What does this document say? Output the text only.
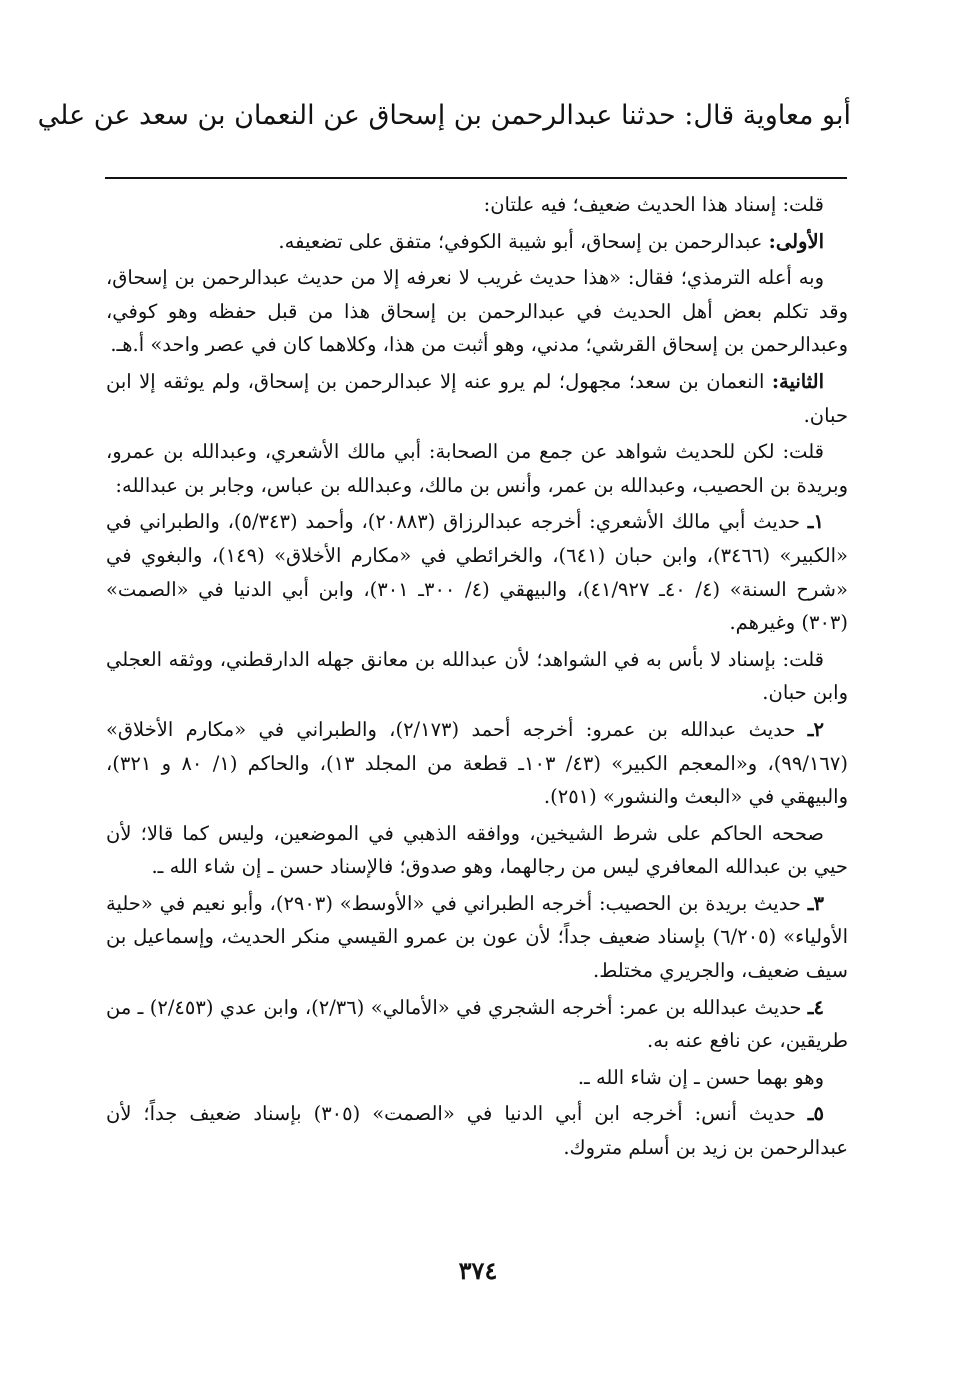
أبو معاوية قال: حدثنا عبدالرحمن بن إسحاق عن النعمان بن سعد عن علي

قلت: إسناد هذا الحديث ضعيف؛ فيه علتان:

الأولى: عبدالرحمن بن إسحاق، أبو شيبة الكوفي؛ متفق على تضعيفه.

وبه أعله الترمذي؛ فقال: «هذا حديث غريب لا نعرفه إلا من حديث عبدالرحمن بن إسحاق، وقد تكلم بعض أهل الحديث في عبدالرحمن بن إسحاق هذا من قبل حفظه وهو كوفي، وعبدالرحمن بن إسحاق القرشي؛ مدني، وهو أثبت من هذا، وكلاهما كان في عصر واحد» أ.هـ.

الثانية: النعمان بن سعد؛ مجهول؛ لم يرو عنه إلا عبدالرحمن بن إسحاق، ولم يوثقه إلا ابن حبان.

قلت: لكن للحديث شواهد عن جمع من الصحابة: أبي مالك الأشعري، وعبدالله بن عمرو، وبريدة بن الحصيب، وعبدالله بن عمر، وأنس بن مالك، وعبدالله بن عباس، وجابر بن عبدالله:

١ـ حديث أبي مالك الأشعري: أخرجه عبدالرزاق (٢٠٨٨٣)، وأحمد (٥/٣٤٣)، والطبراني في «الكبير» (٣٤٦٦)، وابن حبان (٦٤١)، والخرائطي في «مكارم الأخلاق» (١٤٩)، والبغوي في «شرح السنة» (٤/ ٤٠ـ ٤١/٩٢٧)، والبيهقي (٤/ ٣٠٠ـ ٣٠١)، وابن أبي الدنيا في «الصمت» (٣٠٣) وغيرهم.

قلت: بإسناد لا بأس به في الشواهد؛ لأن عبدالله بن معانق جهله الدارقطني، ووثقه العجلي وابن حبان.

٢ـ حديث عبدالله بن عمرو: أخرجه أحمد (٢/١٧٣)، والطبراني في «مكارم الأخلاق» (٩٩/١٦٧)، و«المعجم الكبير» (٤٣/ ١٠٣ـ قطعة من المجلد ١٣)، والحاكم (١/ ٨٠ و ٣٢١)، والبيهقي في «البعث والنشور» (٢٥١).

صححه الحاكم على شرط الشيخين، ووافقه الذهبي في الموضعين، وليس كما قالا؛ لأن حيي بن عبدالله المعافري ليس من رجالهما، وهو صدوق؛ فالإسناد حسن ـ إن شاء الله ـ.

٣ـ حديث بريدة بن الحصيب: أخرجه الطبراني في «الأوسط» (٢٩٠٣)، وأبو نعيم في «حلية الأولياء» (٦/٢٠٥) بإسناد ضعيف جداً؛ لأن عون بن عمرو القيسي منكر الحديث، وإسماعيل بن سيف ضعيف، والجريري مختلط.

٤ـ حديث عبدالله بن عمر: أخرجه الشجري في «الأمالي» (٢/٣٦)، وابن عدي (٢/٤٥٣) ـ من طريقين، عن نافع عنه به.

وهو بهما حسن ـ إن شاء الله ـ.

٥ـ حديث أنس: أخرجه ابن أبي الدنيا في «الصمت» (٣٠٥) بإسناد ضعيف جداً؛ لأن عبدالرحمن بن زيد بن أسلم متروك.

٣٧٤
